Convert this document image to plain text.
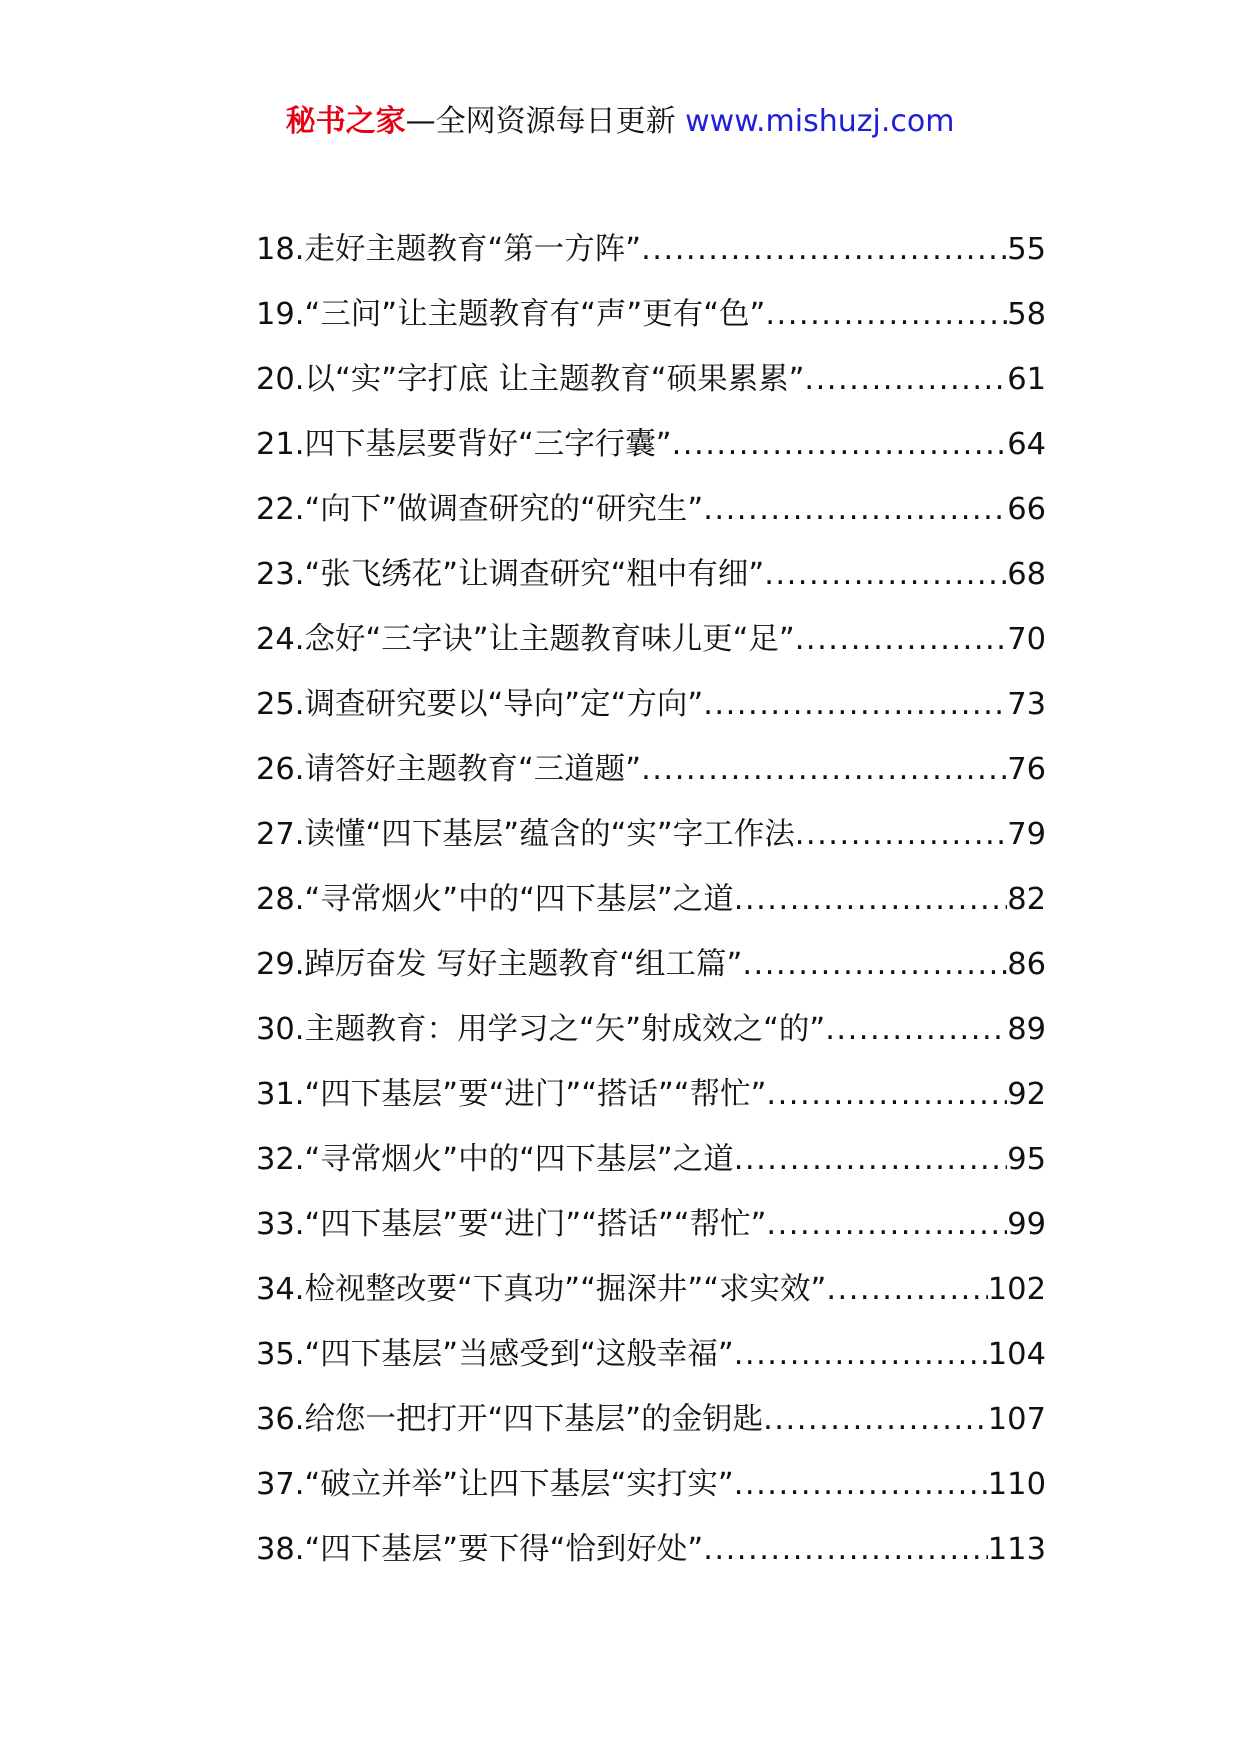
秘书之家—全网资源每日更新 www.mishuzj.com
18.走好主题教育“第一方阵” .....	55
19.“三问”让主题教育有“声”更有“色” .....	58
20.以“实”字打底 让主题教育“硕果累累” .....	61
21.四下基层要背好“三字行囊” .....	64
22.“向下”做调查研究的“研究生” .....	66
23.“张飞绣花”让调查研究“粗中有细” .....	68
24.念好“三字诀”让主题教育味儿更“足” .....	70
25.调查研究要以“导向”定“方向” .....	73
26.请答好主题教育“三道题” .....	76
27.读懂“四下基层”蕴含的“实”字工作法 .....	79
28.“寻常烟火”中的“四下基层”之道 .....	82
29.踔厉奋发 写好主题教育“组工篇” .....	86
30.主题教育：用学习之“矢”射成效之“的” .....	89
31.“四下基层”要“进门”“搭话”“帮忙” .....	92
32.“寻常烟火”中的“四下基层”之道 .....	95
33.“四下基层”要“进门”“搭话”“帮忙” .....	99
34.检视整改要“下真功”“掘深井”“求实效” .....	102
35.“四下基层”当感受到“这般幸福” .....	104
36.给您一把打开“四下基层”的金钥匙 .....	107
37.“破立并举”让四下基层“实打实” .....	110
38.“四下基层”要下得“恰到好处” .....	113
